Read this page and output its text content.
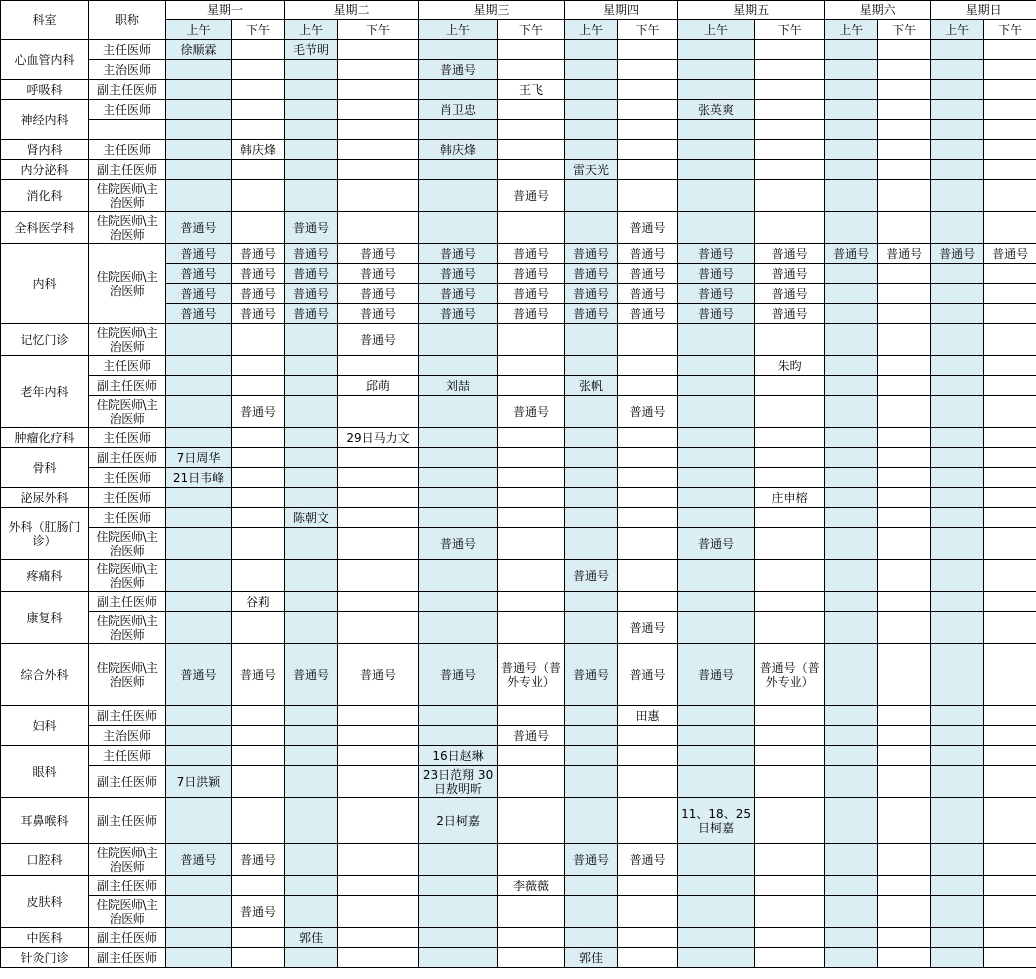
科室	职称	星期一		星期二		星期三		星期四		星期五		星期六		星期日	
		上午	下午	上午	下午	上午	下午	上午	下午	上午	下午	上午	下午	上午	下午
心血管内科	主任医师	徐顺霖		毛节明											
	主治医师					普通号									
呼吸科	副主任医师						王飞								
神经内科	主任医师					肖卫忠				张英爽					

肾内科	主任医师		韩庆烽			韩庆烽									
内分泌科	副主任医师							雷天光							
消化科	住院医师\主治医师						普通号								
全科医学科	住院医师\主治医师	普通号		普通号					普通号						
内科	住院医师\主治医师	普通号	普通号	普通号	普通号	普通号	普通号	普通号	普通号	普通号	普通号	普通号	普通号	普通号	普通号
		普通号	普通号	普通号	普通号	普通号	普通号	普通号	普通号	普通号	普通号				
		普通号	普通号	普通号	普通号	普通号	普通号	普通号	普通号	普通号	普通号				
		普通号	普通号	普通号	普通号	普通号	普通号	普通号	普通号	普通号	普通号				
记忆门诊	住院医师\主治医师				普通号										
老年内科	主任医师										朱昀				
	副主任医师				邱萌	刘喆		张帆							
	住院医师\主治医师		普通号				普通号		普通号						
肿瘤化疗科	主任医师				29日马力文										
骨科	副主任医师	7日周华													
	主任医师	21日韦峰													
泌尿外科	主任医师										庄申榕				
外科（肛肠门诊）	主任医师			陈朝文											
	住院医师\主治医师					普通号				普通号					
疼痛科	住院医师\主治医师							普通号							
康复科	副主任医师		谷莉												
	住院医师\主治医师								普通号						
综合外科	住院医师\主治医师	普通号	普通号	普通号	普通号	普通号	普通号（普外专业）	普通号	普通号	普通号	普通号（普外专业）				
妇科	副主任医师								田惠						
	主治医师						普通号								
眼科	主任医师					16日赵琳									
	副主任医师	7日洪颖				23日范翔 30日敖明昕									
耳鼻喉科	副主任医师					2日柯嘉				11、18、25日柯嘉					
口腔科	住院医师\主治医师	普通号	普通号					普通号	普通号						
皮肤科	副主任医师						李薇薇								
	住院医师\主治医师		普通号												
中医科	副主任医师			郭佳											
针灸门诊	副主任医师							郭佳							
